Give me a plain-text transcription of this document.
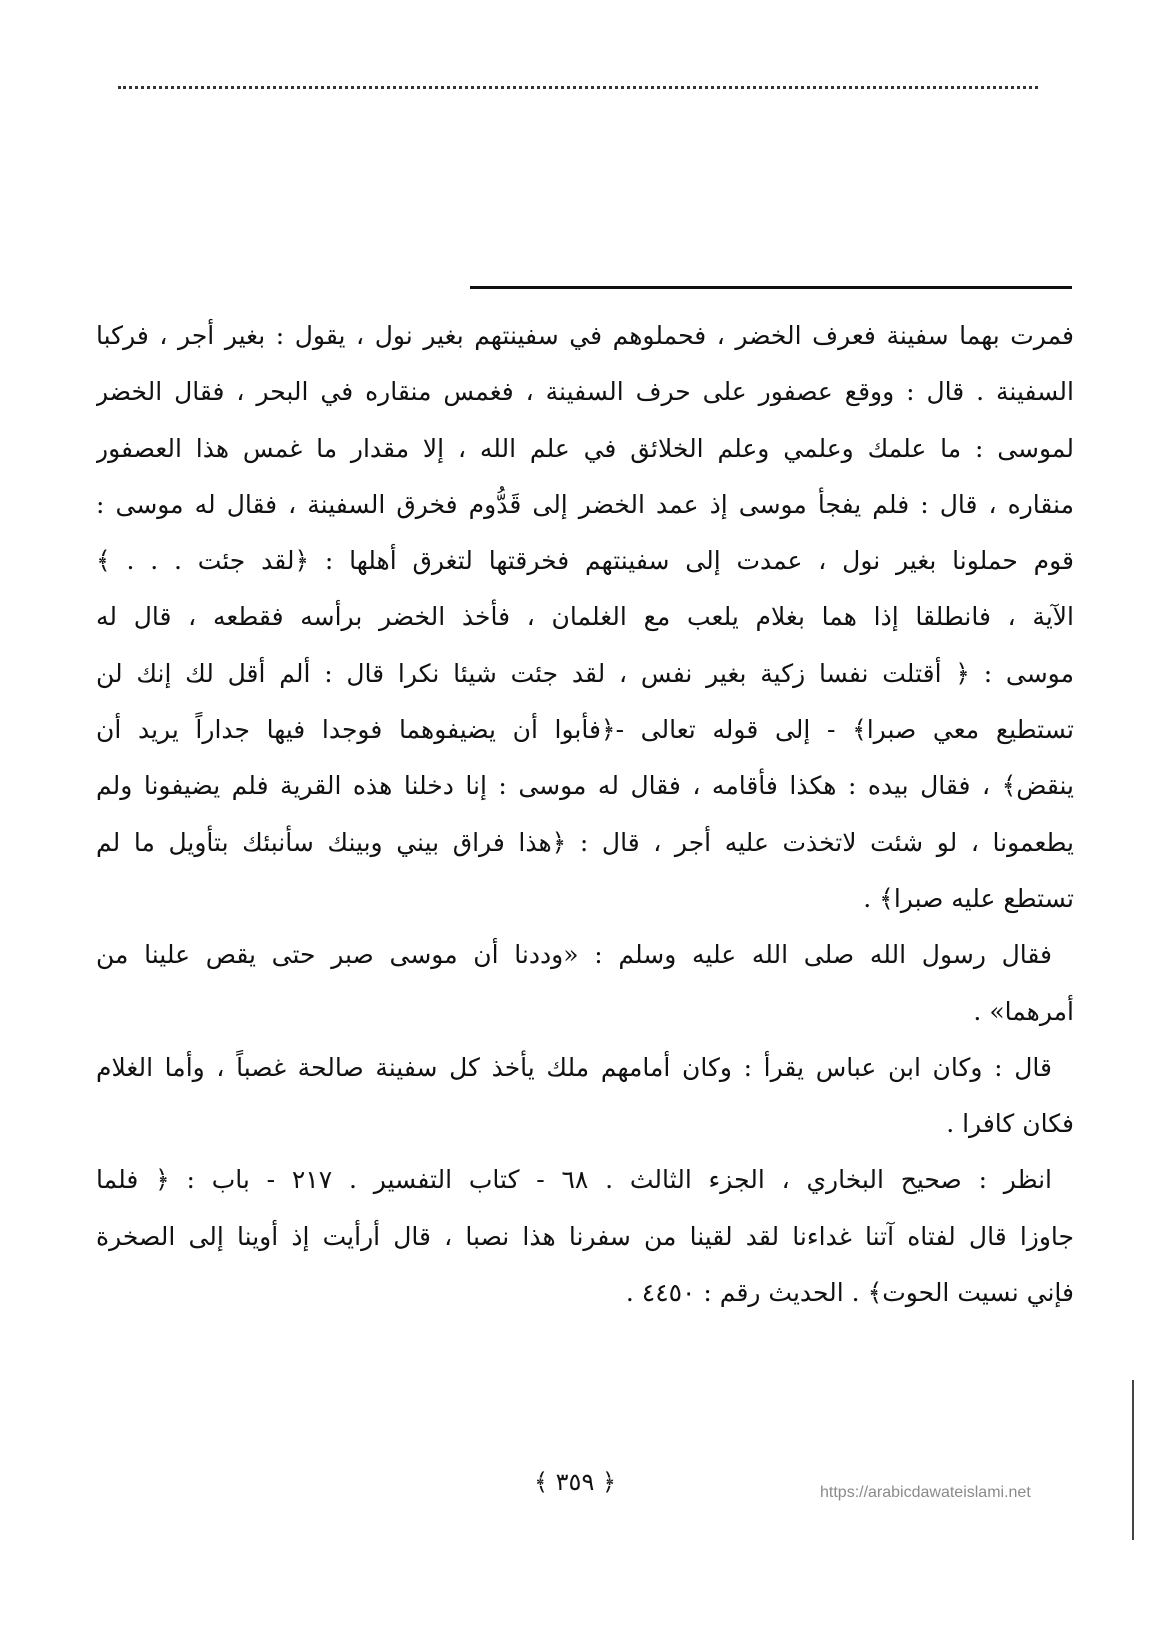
فمرت بهما سفينة فعرف الخضر ، فحملوهم في سفينتهم بغير نول ، يقول : بغير أجر ، فركبا
السفينة . قال : ووقع عصفور على حرف السفينة ، فغمس منقاره في البحر ، فقال الخضر
لموسى : ما علمك وعلمي وعلم الخلائق في علم الله ، إلا مقدار ما غمس هذا العصفور
منقاره ، قال : فلم يفجأ موسى إذ عمد الخضر إلى قَدُّوم فخرق السفينة ، فقال له موسى :
قوم حملونا بغير نول ، عمدت إلى سفينتهم فخرقتها لتغرق أهلها : ﴿لقد جئت . . . ﴾
الآية ، فانطلقا إذا هما بغلام يلعب مع الغلمان ، فأخذ الخضر برأسه فقطعه ، قال له
موسى : ﴿ أقتلت نفسا زكية بغير نفس ، لقد جئت شيئا نكرا قال : ألم أقل لك إنك لن
تستطيع معي صبرا﴾ - إلى قوله تعالى -﴿فأبوا أن يضيفوهما فوجدا فيها جداراً يريد أن
ينقض﴾ ، فقال بيده : هكذا فأقامه ، فقال له موسى : إنا دخلنا هذه القرية فلم يضيفونا ولم
يطعمونا ، لو شئت لاتخذت عليه أجر ، قال : ﴿هذا فراق بيني وبينك سأنبئك بتأويل ما لم
تستطع عليه صبرا﴾ .
فقال رسول الله صلى الله عليه وسلم : «وددنا أن موسى صبر حتى يقص علينا من
أمرهما» .
قال : وكان ابن عباس يقرأ : وكان أمامهم ملك يأخذ كل سفينة صالحة غصباً ، وأما الغلام
فكان كافرا .
انظر : صحيح البخاري ، الجزء الثالث . ٦٨ - كتاب التفسير . ٢١٧ - باب : ﴿ فلما
جاوزا قال لفتاه آتنا غداءنا لقد لقينا من سفرنا هذا نصبا ، قال أرأيت إذ أوينا إلى الصخرة
فإني نسيت الحوت﴾ . الحديث رقم : ٤٤٥٠ .
﴿ ٣٥٩ ﴾	https://arabicdawateislami.net
